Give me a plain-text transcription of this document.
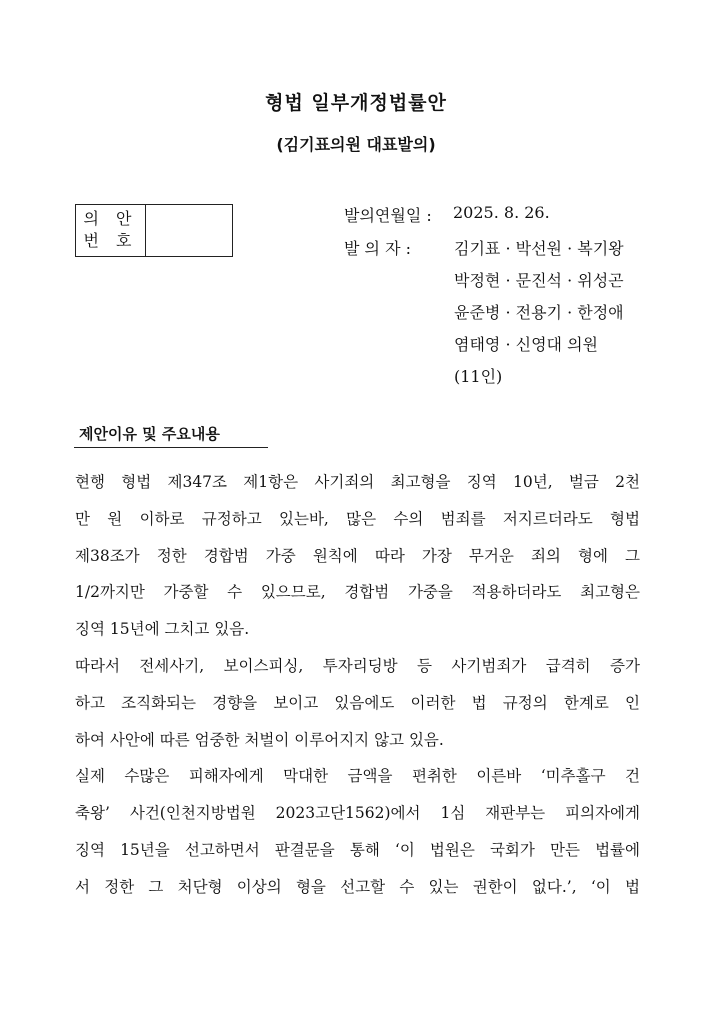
형법 일부개정법률안
(김기표의원 대표발의)
의 안
번 호
발의연월일 : 2025. 8. 26.
발 의 자 :	김기표 · 박선원 · 복기왕
박정현 · 문진석 · 위성곤
윤준병 · 전용기 · 한정애
염태영 · 신영대 의원
(11인)
제안이유 및 주요내용
현행 형법 제347조 제1항은 사기죄의 최고형을 징역 10년, 벌금 2천
만 원 이하로 규정하고 있는바, 많은 수의 범죄를 저지르더라도 형법
제38조가 정한 경합범 가중 원칙에 따라 가장 무거운 죄의 형에 그
1/2까지만 가중할 수 있으므로, 경합범 가중을 적용하더라도 최고형은
징역 15년에 그치고 있음.
따라서 전세사기, 보이스피싱, 투자리딩방 등 사기범죄가 급격히 증가
하고 조직화되는 경향을 보이고 있음에도 이러한 법 규정의 한계로 인
하여 사안에 따른 엄중한 처벌이 이루어지지 않고 있음.
실제 수많은 피해자에게 막대한 금액을 편취한 이른바 ‘미추홀구 건
축왕’ 사건(인천지방법원 2023고단1562)에서 1심 재판부는 피의자에게
징역 15년을 선고하면서 판결문을 통해 ‘이 법원은 국회가 만든 법률에
서 정한 그 처단형 이상의 형을 선고할 수 있는 권한이 없다.’, ‘이 법
